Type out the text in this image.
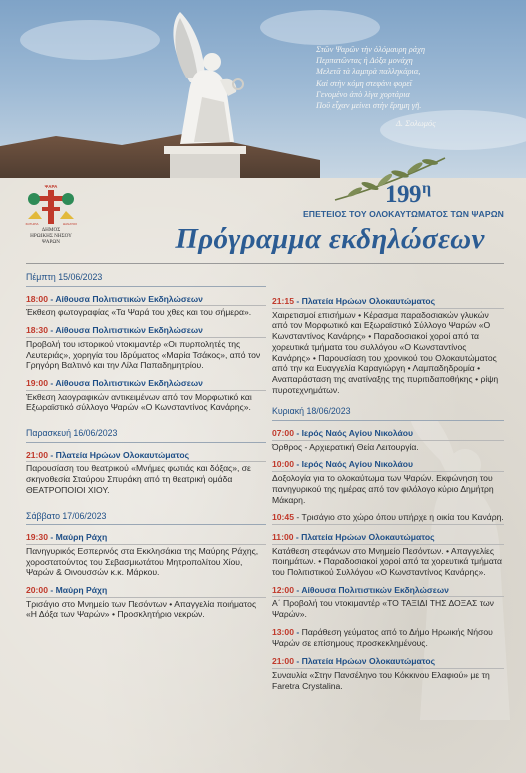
Στῶν Ψαρῶν τὴν ὀλόμαυρη ράχη
Περπατῶντας ἡ Δόξα μονάχη
Μελετᾶ τὰ λαμπρὰ παλληκάρια,
Καὶ στὴν κόμη στεφάνι φορεῖ
Γενομένο ἀπὸ λίγα χορτάρια
Ποῦ εἶχαν μείνει στὴν ἔρημη γῆ.
Δ. Σολωμός
ΨΑΡΑ
ΣΩΤΗΡΙΑ	ΘΑΝΑΤΟΣ
ΔΗΜΟΣ
ΗΡΩΙΚΗΣ ΝΗΣΟΥ
ΨΑΡΩΝ
$199^\eta$
ΕΠΕΤΕΙΟΣ ΤΟΥ ΟΛΟΚΑΥΤΩΜΑΤΟΣ ΤΩΝ ΨΑΡΩΝ
Πρόγραμμα εκδηλώσεων
Πέμπτη 15/06/2023
18:00 - Αίθουσα Πολιτιστικών Εκδηλώσεων
Έκθεση φωτογραφίας «Τα Ψαρά του χθες και του σήμερα».
18:30 - Αίθουσα Πολιτιστικών Εκδηλώσεων
Προβολή του ιστορικού ντοκιμαντέρ «Οι πυρπολητές της Λευτεριάς», χορηγία του Ιδρύματος «Μαρία Τσάκος», από τον Γρηγόρη Βαλτινό και την Λίλα Παπαδημητρίου.
19:00 - Αίθουσα Πολιτιστικών Εκδηλώσεων
Έκθεση λαογραφικών αντικειμένων από τον Μορφωτικό και Εξωραϊστικό σύλλογο Ψαρών «Ο Κωνσταντίνος Κανάρης».
Παρασκευή 16/06/2023
21:00 - Πλατεία Ηρώων Ολοκαυτώματος
Παρουσίαση του θεατρικού «Μνήμες φωτιάς και δόξας», σε σκηνοθεσία Σταύρου Σπυράκη από τη θεατρική ομάδα ΘΕΑΤΡΟΠΟΙΟΙ ΧΙΟΥ.
Σάββατο 17/06/2023
19:30 - Μαύρη Ράχη
Πανηγυρικός Εσπερινός στα Εκκλησάκια της Μαύρης Ράχης, χοροστατούντος του Σεβασμιωτάτου Μητροπολίτου Χίου, Ψαρών & Οινουσσών κ.κ. Μάρκου.
20:00 - Μαύρη Ράχη
Τρισάγιο στο Μνημείο των Πεσόντων • Απαγγελία ποιήματος «Η Δόξα των Ψαρών» • Προσκλητήριο νεκρών.
21:15 - Πλατεία Ηρώων Ολοκαυτώματος
Χαιρετισμοί επισήμων • Κέρασμα παραδοσιακών γλυκών από τον Μορφωτικό και Εξωραϊστικό Σύλλογο Ψαρών «Ο Κωνσταντίνος Κανάρης» • Παραδοσιακοί χοροί από τα χορευτικά τμήματα του συλλόγου «Ο Κωνσταντίνος Κανάρης» • Παρουσίαση του χρονικού του Ολοκαυτώματος από την κα Ευαγγελία Καραγιώργη • Λαμπαδηδρομία • Αναπαράσταση της ανατίναξης της πυριτιδαποθήκης • ρίψη πυροτεχνημάτων.
Κυριακή 18/06/2023
07:00 - Ιερός Ναός Αγίου Νικολάου
Όρθρος - Αρχιερατική Θεία Λειτουργία.
10:00 - Ιερός Ναός Αγίου Νικολάου
Δοξολογία για το ολοκαύτωμα των Ψαρών. Εκφώνηση του πανηγυρικού της ημέρας από τον φιλόλογο κύριο Δημήτρη Μάκαρη.
10:45 - Τρισάγιο στο χώρο όπου υπήρχε η οικία του Κανάρη.
11:00 - Πλατεία Ηρώων Ολοκαυτώματος
Κατάθεση στεφάνων στο Μνημείο Πεσόντων. • Απαγγελίες ποιημάτων. • Παραδοσιακοί χοροί από τα χορευτικά τμήματα του Πολιτιστικού Συλλόγου «Ο Κωνσταντίνος Κανάρης».
12:00 - Αίθουσα Πολιτιστικών Εκδηλώσεων
Α΄ Προβολή του ντοκιμαντέρ «ΤΟ ΤΑΞΙΔΙ ΤΗΣ ΔΟΞΑΣ των Ψαρών».
13:00 - Παράθεση γεύματος από το Δήμο Ηρωικής Νήσου Ψαρών σε επίσημους προσκεκλημένους.
21:00 - Πλατεία Ηρώων Ολοκαυτώματος
Συναυλία «Στην Πανσέληνο του Κόκκινου Ελαφιού» με τη Faretra Crystalina.
